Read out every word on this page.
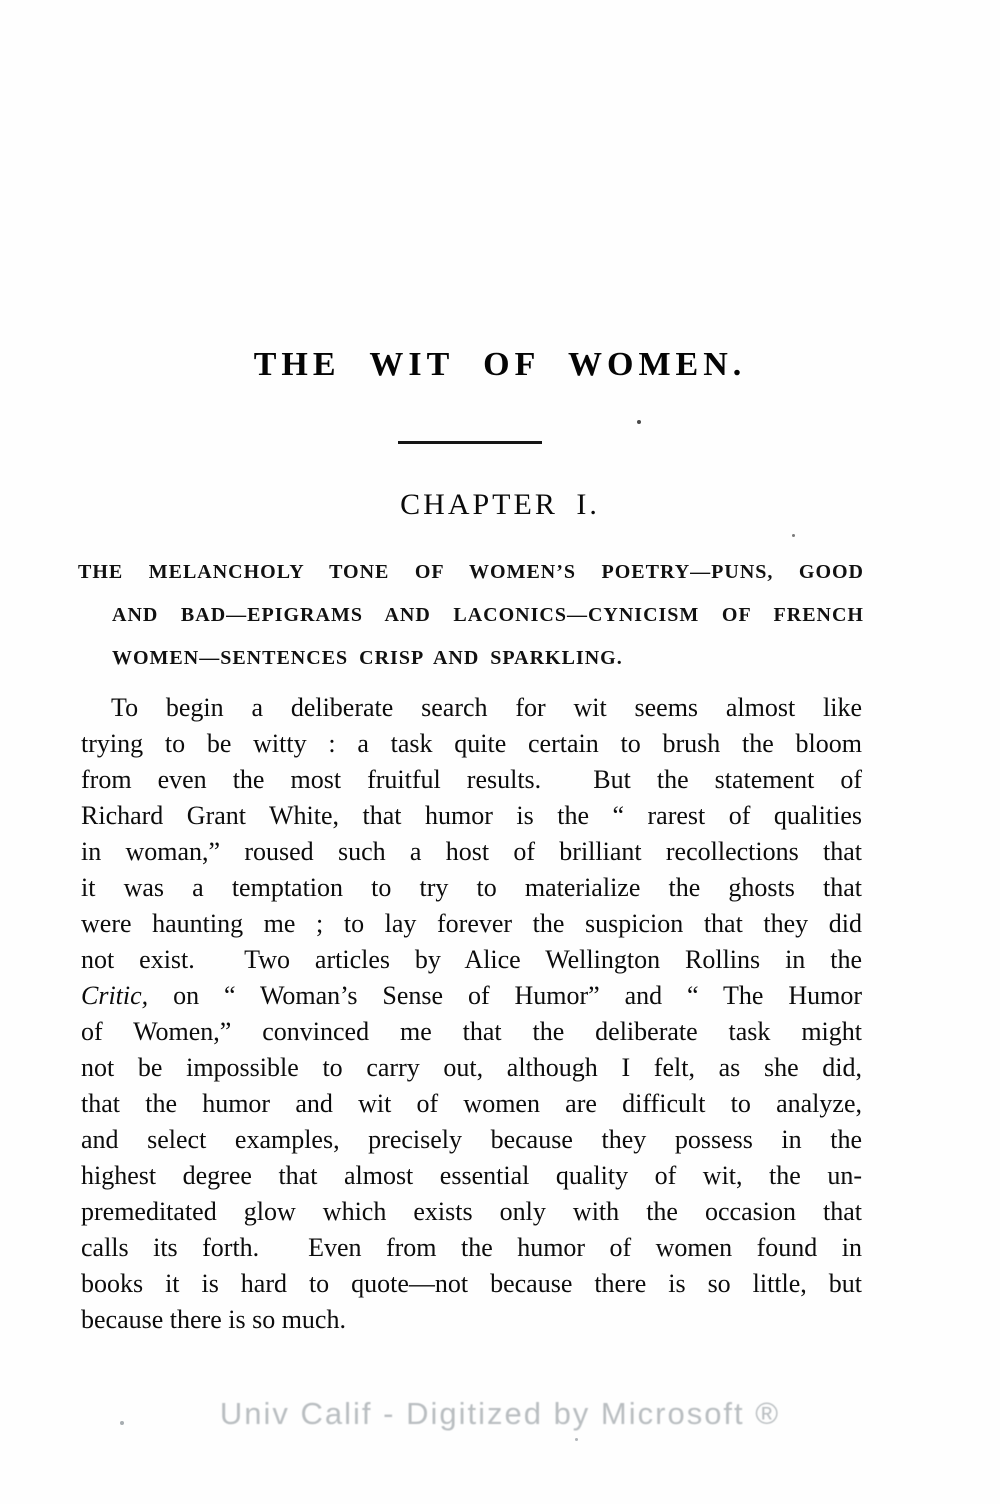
THE WIT OF WOMEN.
CHAPTER I.
THE MELANCHOLY TONE OF WOMEN’S POETRY—PUNS, GOOD
AND BAD—EPIGRAMS AND LACONICS—CYNICISM OF FRENCH
WOMEN—SENTENCES CRISP AND SPARKLING.
To begin a deliberate search for wit seems almost like
trying to be witty : a task quite certain to brush the bloom
from even the most fruitful results.  But the statement of
Richard Grant White, that humor is the “ rarest of qualities
in woman,” roused such a host of brilliant recollections that
it was a temptation to try to materialize the ghosts that
were haunting me ; to lay forever the suspicion that they did
not exist.  Two articles by Alice Wellington Rollins in the
Critic, on “ Woman’s Sense of Humor” and “ The Humor
of Women,” convinced me that the deliberate task might
not be impossible to carry out, although I felt, as she did,
that the humor and wit of women are difficult to analyze,
and select examples, precisely because they possess in the
highest degree that almost essential quality of wit, the un-
premeditated glow which exists only with the occasion that
calls its forth.  Even from the humor of women found in
books it is hard to quote—not because there is so little, but
because there is so much.
Univ Calif - Digitized by Microsoft ®
